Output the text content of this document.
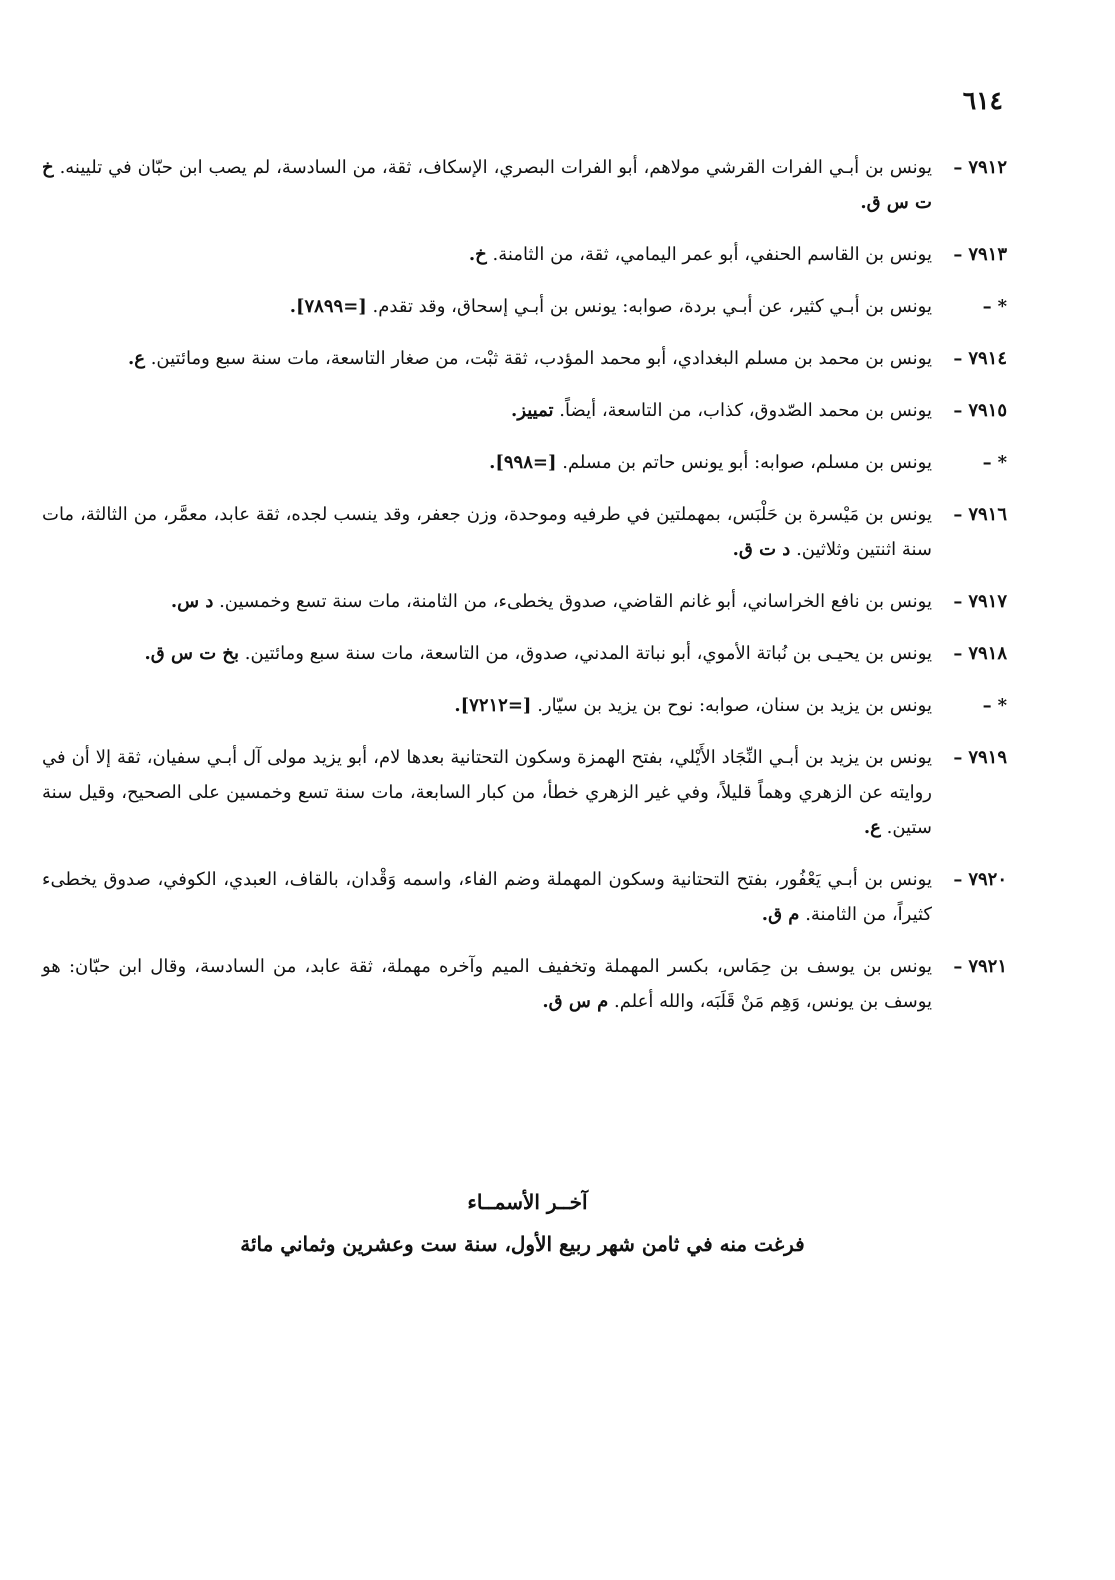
٦١٤
٧٩١٢–
يونس بن أبـي الفرات القرشي مولاهم، أبو الفرات البصري، الإسكاف، ثقة، من السادسة، لم يصب ابن حبّان في تليينه. خ ت س ق.
٧٩١٣–
يونس بن القاسم الحنفي، أبو عمر اليمامي، ثقة، من الثامنة. خ.
*–
يونس بن أبـي كثير، عن أبـي بردة، صوابه: يونس بن أبـي إسحاق، وقد تقدم. [=٧٨٩٩].
٧٩١٤–
يونس بن محمد بن مسلم البغدادي، أبو محمد المؤدب، ثقة ثبْت، من صغار التاسعة، مات سنة سبع ومائتين. ع.
٧٩١٥–
يونس بن محمد الصّدوق، كذاب، من التاسعة، أيضاً. تمييز.
*–
يونس بن مسلم، صوابه: أبو يونس حاتم بن مسلم. [=٩٩٨].
٧٩١٦–
يونس بن مَيْسرة بن حَلْبَس، بمهملتين في طرفيه وموحدة، وزن جعفر، وقد ينسب لجده، ثقة عابد، معمَّر، من الثالثة، مات سنة اثنتين وثلاثين. د ت ق.
٧٩١٧–
يونس بن نافع الخراساني، أبو غانم القاضي، صدوق يخطىء، من الثامنة، مات سنة تسع وخمسين. د س.
٧٩١٨–
يونس بن يحيـى بن نُباتة الأموي، أبو نباتة المدني، صدوق، من التاسعة، مات سنة سبع ومائتين. بخ ت س ق.
*–
يونس بن يزيد بن سنان، صوابه: نوح بن يزيد بن سيّار. [=٧٢١٢].
٧٩١٩–
يونس بن يزيد بن أبـي النِّجَاد الأَيْلي، بفتح الهمزة وسكون التحتانية بعدها لام، أبو يزيد مولى آل أبـي سفيان، ثقة إلا أن في روايته عن الزهري وهماً قليلاً، وفي غير الزهري خطأ، من كبار السابعة، مات سنة تسع وخمسين على الصحيح، وقيل سنة ستين. ع.
٧٩٢٠–
يونس بن أبـي يَعْفُور، بفتح التحتانية وسكون المهملة وضم الفاء، واسمه وَقْدان، بالقاف، العبدي، الكوفي، صدوق يخطىء كثيراً، من الثامنة. م ق.
٧٩٢١–
يونس بن يوسف بن حِمَاس، بكسر المهملة وتخفيف الميم وآخره مهملة، ثقة عابد، من السادسة، وقال ابن حبّان: هو يوسف بن يونس، وَهِم مَنْ قَلَبَه، والله أعلم. م س ق.
آخــر الأسمــاء
فرغت منه في ثامن شهر ربيع الأول، سنة ست وعشرين وثماني مائة
